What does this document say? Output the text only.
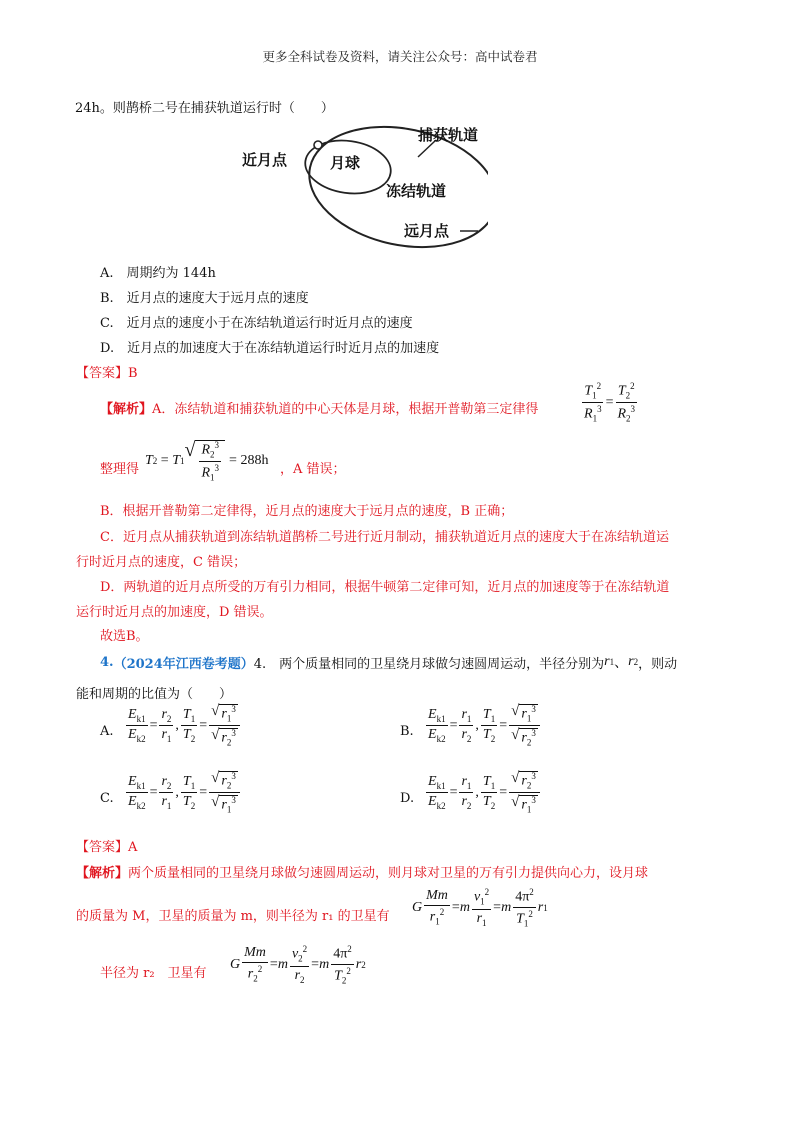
更多全科试卷及资料，请关注公众号：高中试卷君
24h。则鹊桥二号在捕获轨道运行时（　　）
近月点	月球
捕获轨道
冻结轨道
远月点
A.　周期约为 144h
B.　近月点的速度大于远月点的速度
C.　近月点的速度小于在冻结轨道运行时近月点的速度
D.　近月点的加速度大于在冻结轨道运行时近月点的加速度
【答案】B
【解析】 A．冻结轨道和捕获轨道的中心天体是月球，根据开普勒第三定律得	$\frac{T_1^2}{R_1^3} = \frac{T_2^2}{R_2^3}$
整理得
T 2 = T 1
√ $\frac{R_2^3}{R_1^3} = 288h$
，A 错误；
B．根据开普勒第二定律得，近月点的速度大于远月点的速度，B 正确；
C．近月点从捕获轨道到冻结轨道鹊桥二号进行近月制动，捕获轨道近月点的速度大于在冻结轨道运
行时近月点的速度，C 错误；
D．两轨道的近月点所受的万有引力相同，根据牛顿第二定律可知，近月点的加速度等于在冻结轨道
运行时近月点的加速度，D 错误。
故选B。
4. （2024年江西卷考题） 4.　两个质量相同的卫星绕月球做匀速圆周运动，半径分别为 r 1 、 r 2 ，则动
能和周期的比值为（　　）
A. $\frac{E_{k1}}{E_{k2}} = \frac{r_2}{r_1}$ , $\frac{T_1}{T_2} = \frac{√ r_1^3}{√ r_2^3}$	B. $\frac{E_{k1}}{E_{k2}} = \frac{r_1}{r_2}$ , $\frac{T_1}{T_2} = \frac{√ r_1^3}{√ r_2^3}$
C. $\frac{E_{k1}}{E_{k2}} = \frac{r_2}{r_1}$ , $\frac{T_1}{T_2} = \frac{√ r_2^3}{√ r_1^3}$	D. $\frac{E_{k1}}{E_{k2}} = \frac{r_1}{r_2}$ , $\frac{T_1}{T_2} = \frac{√ r_2^3}{√ r_1^3}$
【答案】A
【解析】 两个质量相同的卫星绕月球做匀速圆周运动，则月球对卫星的万有引力提供向心力，设月球
的质量为 M，卫星的质量为 m，则半径为 r₁ 的卫星有
G $\frac{Mm}{r_1^2} = m \frac{v_1^2}{r_1} = m \frac{4\pi^2}{T_1^2}$ r 1
半径为 r₂　卫星有
G $\frac{Mm}{r_2^2} = m \frac{v_2^2}{r_2} = m \frac{4\pi^2}{T_2^2}$ r 2
